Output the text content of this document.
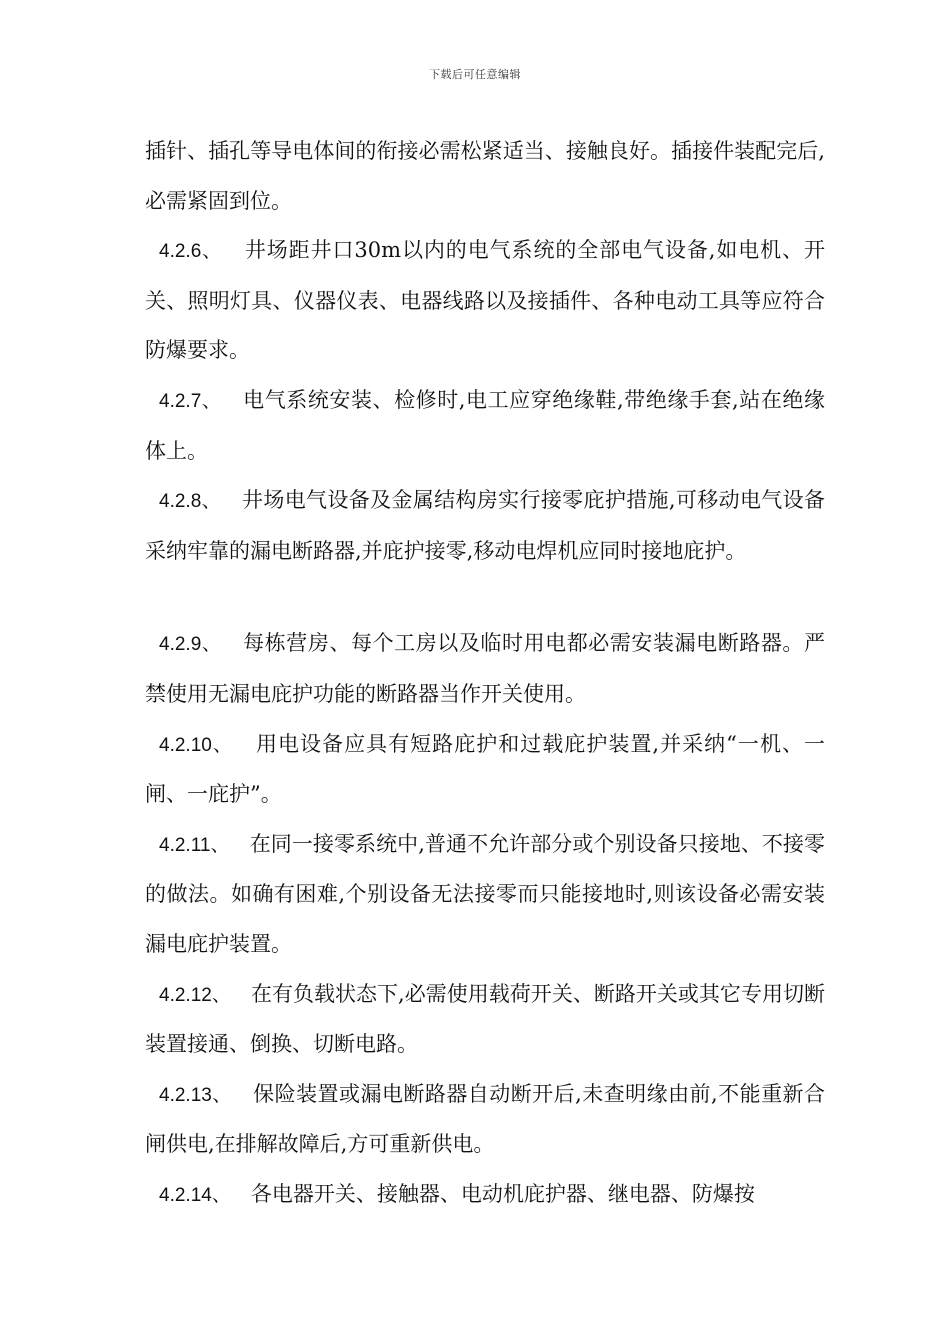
下载后可任意编辑

插针、插孔等导电体间的衔接必需松紧适当、接触良好。插接件装配完后,必需紧固到位。

4.2.6、 井场距井口30m以内的电气系统的全部电气设备,如电机、开关、照明灯具、仪器仪表、电器线路以及接插件、各种电动工具等应符合防爆要求。

4.2.7、 电气系统安装、检修时,电工应穿绝缘鞋,带绝缘手套,站在绝缘体上。

4.2.8、 井场电气设备及金属结构房实行接零庇护措施,可移动电气设备采纳牢靠的漏电断路器,并庇护接零,移动电焊机应同时接地庇护。

4.2.9、 每栋营房、每个工房以及临时用电都必需安装漏电断路器。严禁使用无漏电庇护功能的断路器当作开关使用。

4.2.10、 用电设备应具有短路庇护和过载庇护装置,并采纳“一机、一闸、一庇护”。

4.2.11、 在同一接零系统中,普通不允许部分或个别设备只接地、不接零的做法。如确有困难,个别设备无法接零而只能接地时,则该设备必需安装漏电庇护装置。

4.2.12、 在有负载状态下,必需使用载荷开关、断路开关或其它专用切断装置接通、倒换、切断电路。

4.2.13、 保险装置或漏电断路器自动断开后,未查明缘由前,不能重新合闸供电,在排解故障后,方可重新供电。

4.2.14、 各电器开关、接触器、电动机庇护器、继电器、防爆按
